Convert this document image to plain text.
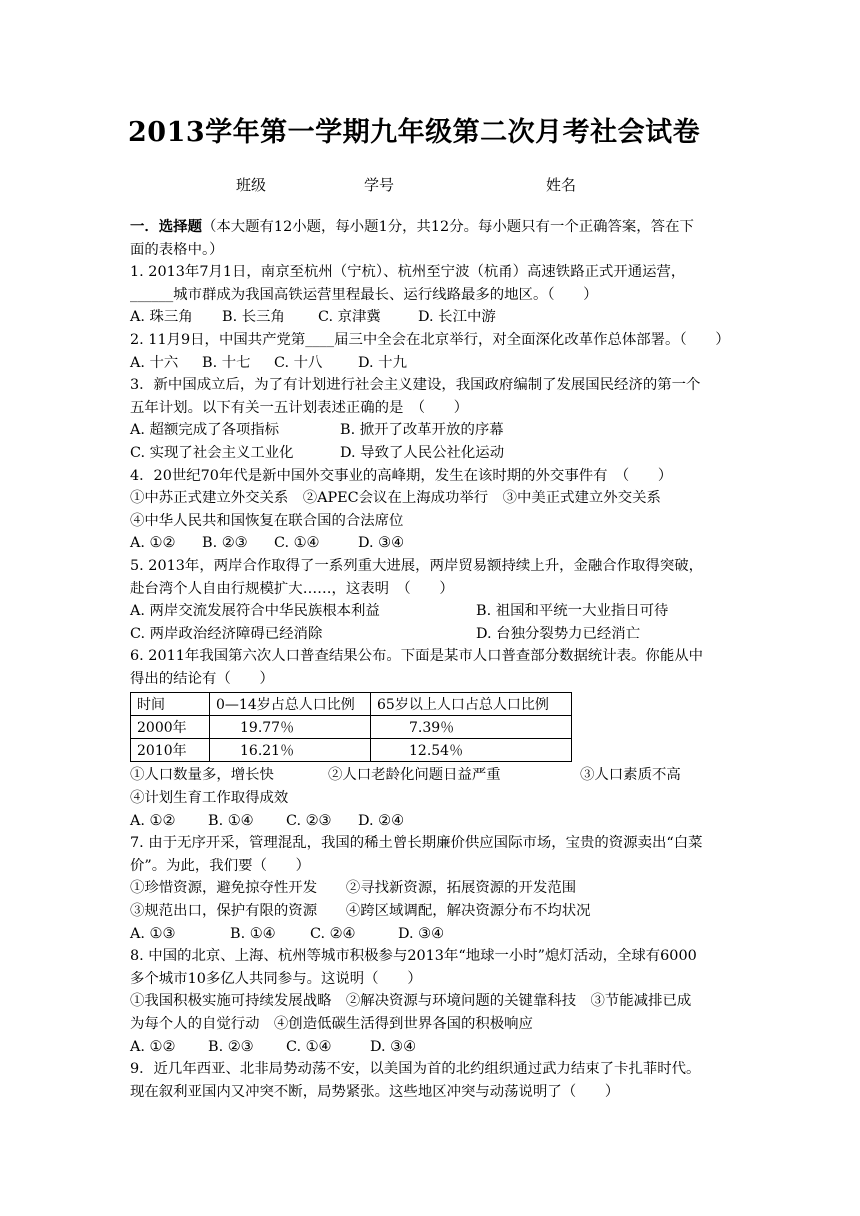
2013学年第一学期九年级第二次月考社会试卷
班级	学号	姓名
一．选择题（本大题有12小题，每小题1分，共12分。每小题只有一个正确答案，答在下
面的表格中。）
1. 2013年7月1日，南京至杭州（宁杭）、杭州至宁波（杭甬）高速铁路正式开通运营，
______城市群成为我国高铁运营里程最长、运行线路最多的地区。（　　）
A. 珠三角 B. 长三角 C. 京津冀	D. 长江中游
2. 11月9日，中国共产党第____届三中全会在北京举行，对全面深化改革作总体部署。（　　）
A. 十六 B. 十七 C. 十八 D. 十九
3．新中国成立后，为了有计划进行社会主义建设，我国政府编制了发展国民经济的第一个
五年计划。以下有关一五计划表述正确的是　（　　）
A. 超额完成了各项指标	B. 掀开了改革开放的序幕
C. 实现了社会主义工业化	D. 导致了人民公社化运动
4．20世纪70年代是新中国外交事业的高峰期，发生在该时期的外交事件有　（　　）
①中苏正式建立外交关系　②APEC会议在上海成功举行　③中美正式建立外交关系
④中华人民共和国恢复在联合国的合法席位
A. ①② B. ②③ C. ①④	D. ③④
5. 2013年，两岸合作取得了一系列重大进展，两岸贸易额持续上升，金融合作取得突破，
赴台湾个人自由行规模扩大……，这表明　（　　）
A. 两岸交流发展符合中华民族根本利益	B. 祖国和平统一大业指日可待
C. 两岸政治经济障碍已经消除	D. 台独分裂势力已经消亡
6. 2011年我国第六次人口普查结果公布。下面是某市人口普查部分数据统计表。你能从中
得出的结论有（　　）
时间	0—14岁占总人口比例	65岁以上人口占总人口比例
2000年	19.77％	7.39％
2010年	16.21％	12.54％
①人口数量多，增长快	②人口老龄化问题日益严重	③人口素质不高
④计划生育工作取得成效
A. ①② B. ①④ C. ②③ D. ②④
7. 由于无序开采，管理混乱，我国的稀土曾长期廉价供应国际市场，宝贵的资源卖出“白菜
价”。为此，我们要（　　）
①珍惜资源，避免掠夺性开发　　②寻找新资源，拓展资源的开发范围
③规范出口，保护有限的资源　　④跨区域调配，解决资源分布不均状况
A. ①③	B. ①④ C. ②④	D. ③④
8. 中国的北京、上海、杭州等城市积极参与2013年“地球一小时”熄灯活动，全球有6000
多个城市10多亿人共同参与。这说明（　　）
①我国积极实施可持续发展战略　②解决资源与环境问题的关键靠科技　③节能减排已成
为每个人的自觉行动　④创造低碳生活得到世界各国的积极响应
A. ①② B. ②③ C. ①④	D. ③④
9．近几年西亚、北非局势动荡不安，以美国为首的北约组织通过武力结束了卡扎菲时代。
现在叙利亚国内又冲突不断，局势紧张。这些地区冲突与动荡说明了（　　）
